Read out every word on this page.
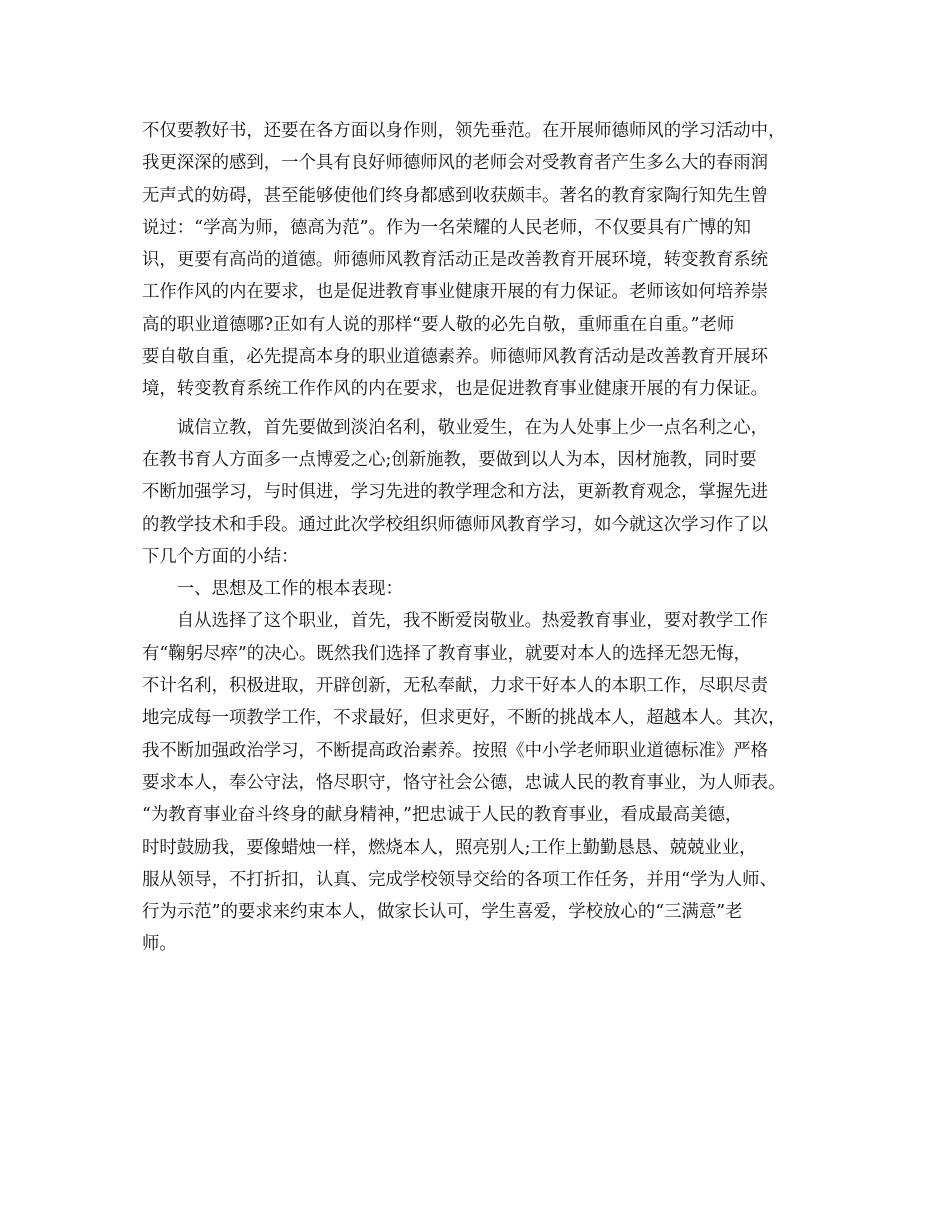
不仅要教好书，还要在各方面以身作则，领先垂范。在开展师德师风的学习活动中，
我更深深的感到，一个具有良好师德师风的老师会对受教育者产生多么大的春雨润
无声式的妨碍，甚至能够使他们终身都感到收获颇丰。著名的教育家陶行知先生曾
说过：“学高为师，德高为范”。作为一名荣耀的人民老师，不仅要具有广博的知
识，更要有高尚的道德。师德师风教育活动正是改善教育开展环境，转变教育系统
工作作风的内在要求，也是促进教育事业健康开展的有力保证。老师该如何培养崇
高的职业道德哪?正如有人说的那样“要人敬的必先自敬，重师重在自重。”老师
要自敬自重，必先提高本身的职业道德素养。师德师风教育活动是改善教育开展环
境，转变教育系统工作作风的内在要求，也是促进教育事业健康开展的有力保证。
　　诚信立教，首先要做到淡泊名利，敬业爱生，在为人处事上少一点名利之心，
在教书育人方面多一点博爱之心;创新施教，要做到以人为本，因材施教，同时要
不断加强学习，与时俱进，学习先进的教学理念和方法，更新教育观念，掌握先进
的教学技术和手段。通过此次学校组织师德师风教育学习，如今就这次学习作了以
下几个方面的小结：
　　一、思想及工作的根本表现：
　　自从选择了这个职业，首先，我不断爱岗敬业。热爱教育事业，要对教学工作
有“鞠躬尽瘁”的决心。既然我们选择了教育事业，就要对本人的选择无怨无悔，
不计名利，积极进取，开辟创新，无私奉献，力求干好本人的本职工作，尽职尽责
地完成每一项教学工作，不求最好，但求更好，不断的挑战本人，超越本人。其次，
我不断加强政治学习，不断提高政治素养。按照《中小学老师职业道德标准》严格
要求本人，奉公守法，恪尽职守，恪守社会公德，忠诚人民的教育事业，为人师表。
“为教育事业奋斗终身的献身精神，”把忠诚于人民的教育事业，看成最高美德，
时时鼓励我，要像蜡烛一样，燃烧本人，照亮别人;工作上勤勤恳恳、兢兢业业，
服从领导，不打折扣，认真、完成学校领导交给的各项工作任务，并用“学为人师、
行为示范”的要求来约束本人，做家长认可，学生喜爱，学校放心的“三满意”老
师。
